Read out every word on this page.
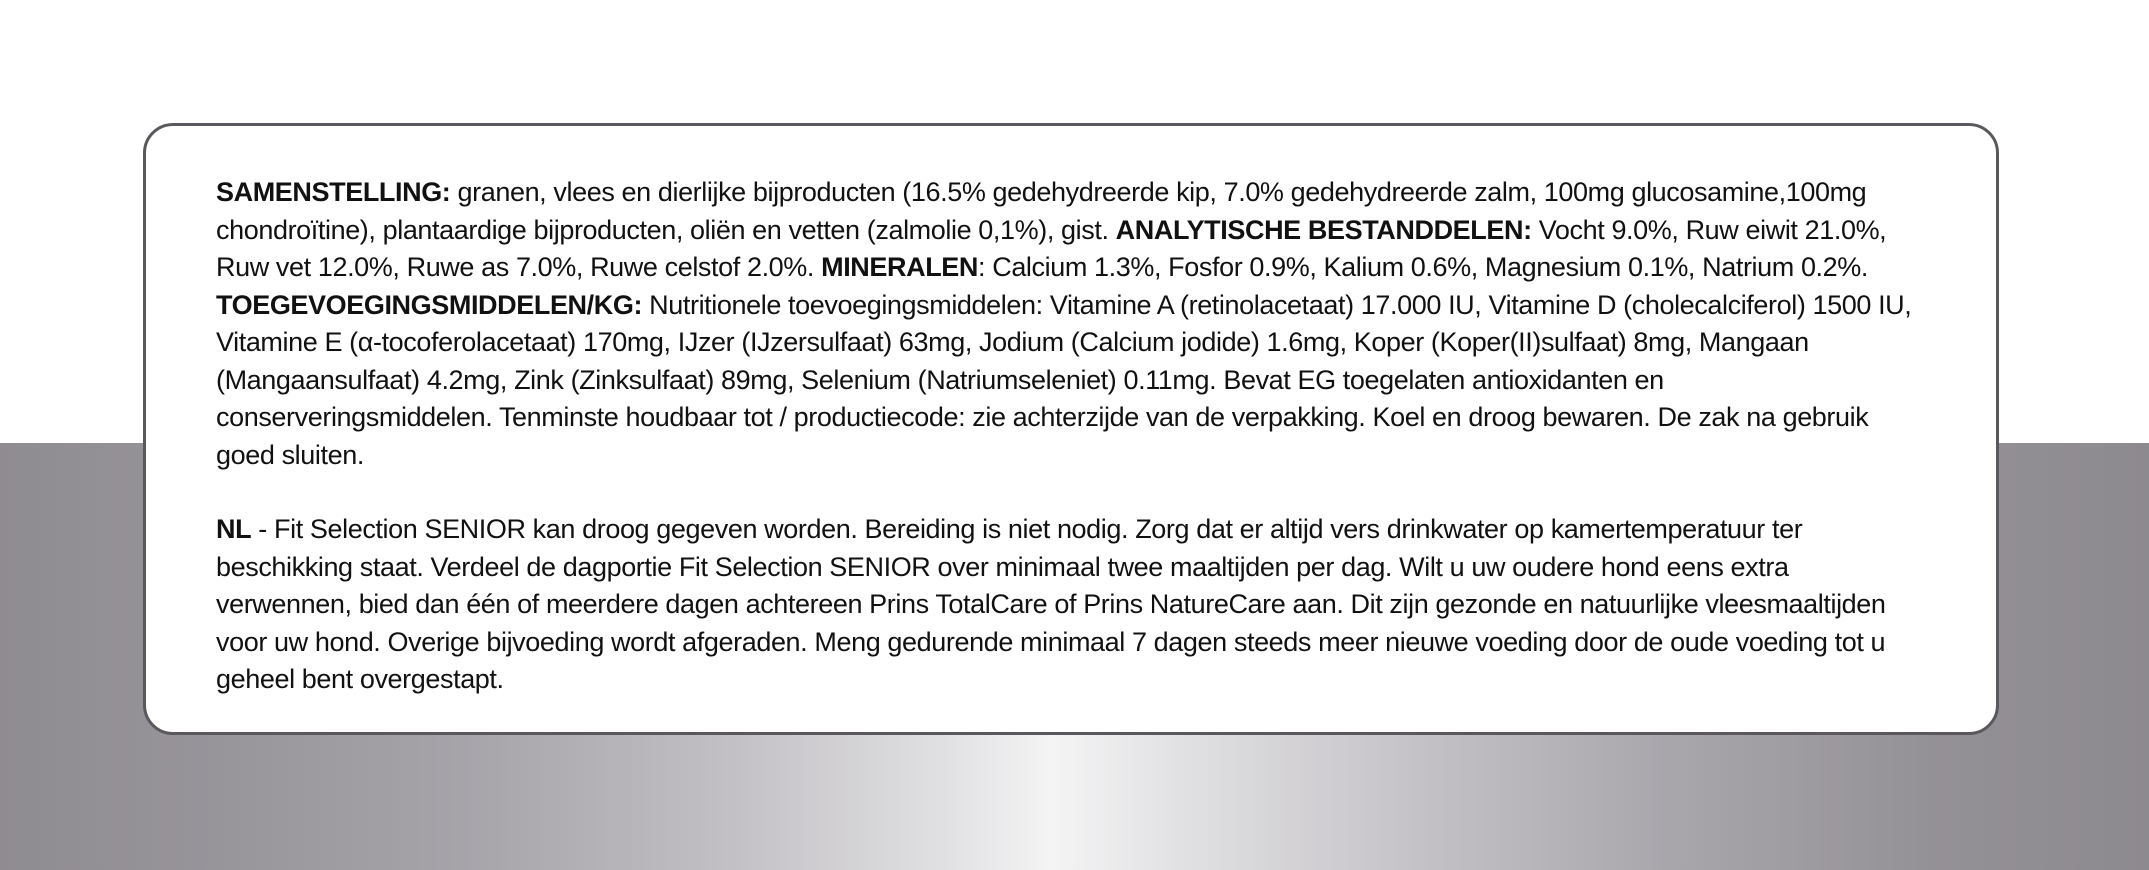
SAMENSTELLING: granen, vlees en dierlijke bijproducten (16.5% gedehydreerde kip, 7.0% gedehydreerde zalm, 100mg glucosamine,100mg chondroïtine), plantaardige bijproducten, oliën en vetten (zalmolie 0,1%), gist. ANALYTISCHE BESTANDDELEN: Vocht 9.0%, Ruw eiwit 21.0%, Ruw vet 12.0%, Ruwe as 7.0%, Ruwe celstof 2.0%. MINERALEN: Calcium 1.3%, Fosfor 0.9%, Kalium 0.6%, Magnesium 0.1%, Natrium 0.2%. TOEGEVOEGINGSMIDDELEN/KG: Nutritionele toevoegingsmiddelen: Vitamine A (retinolacetaat) 17.000 IU, Vitamine D (cholecalciferol) 1500 IU, Vitamine E (α-tocoferolacetaat) 170mg, IJzer (IJzersulfaat) 63mg, Jodium (Calcium jodide) 1.6mg, Koper (Koper(II)sulfaat) 8mg, Mangaan (Mangaansulfaat) 4.2mg, Zink (Zinksulfaat) 89mg, Selenium (Natriumseleniet) 0.11mg. Bevat EG toegelaten antioxidanten en conserveringsmiddelen. Tenminste houdbaar tot / productiecode: zie achterzijde van de verpakking. Koel en droog bewaren. De zak na gebruik goed sluiten.

NL - Fit Selection SENIOR kan droog gegeven worden. Bereiding is niet nodig. Zorg dat er altijd vers drinkwater op kamertemperatuur ter beschikking staat. Verdeel de dagportie Fit Selection SENIOR over minimaal twee maaltijden per dag. Wilt u uw oudere hond eens extra verwennen, bied dan één of meerdere dagen achtereen Prins TotalCare of Prins NatureCare aan. Dit zijn gezonde en natuurlijke vleesmaaltijden voor uw hond. Overige bijvoeding wordt afgeraden. Meng gedurende minimaal 7 dagen steeds meer nieuwe voeding door de oude voeding tot u geheel bent overgestapt.
